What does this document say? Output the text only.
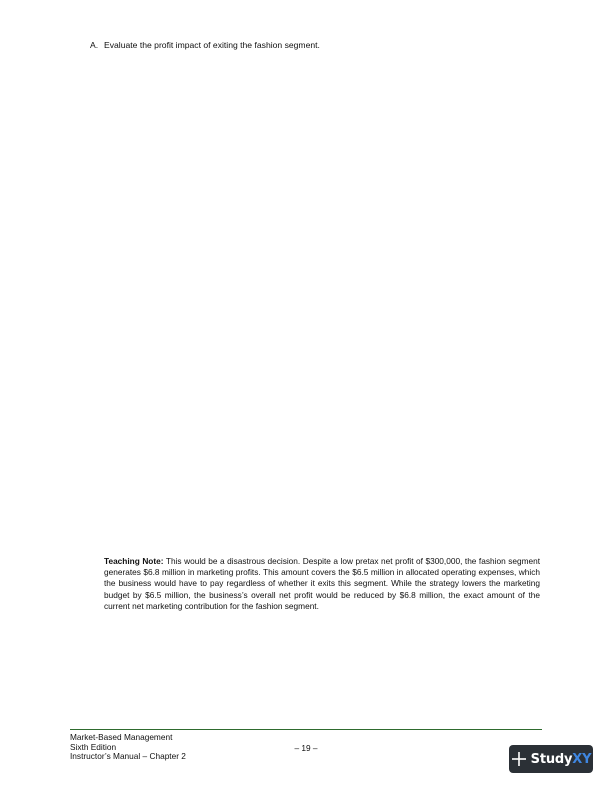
A. Evaluate the profit impact of exiting the fashion segment.
Teaching Note: This would be a disastrous decision. Despite a low pretax net profit of $300,000, the fashion segment generates $6.8 million in marketing profits. This amount covers the $6.5 million in allocated operating expenses, which the business would have to pay regardless of whether it exits this segment. While the strategy lowers the marketing budget by $6.5 million, the business’s overall net profit would be reduced by $6.8 million, the exact amount of the current net marketing contribution for the fashion segment.
Market-Based Management
Sixth Edition
Instructor’s Manual – Chapter 2
– 19 –
StudyXY
